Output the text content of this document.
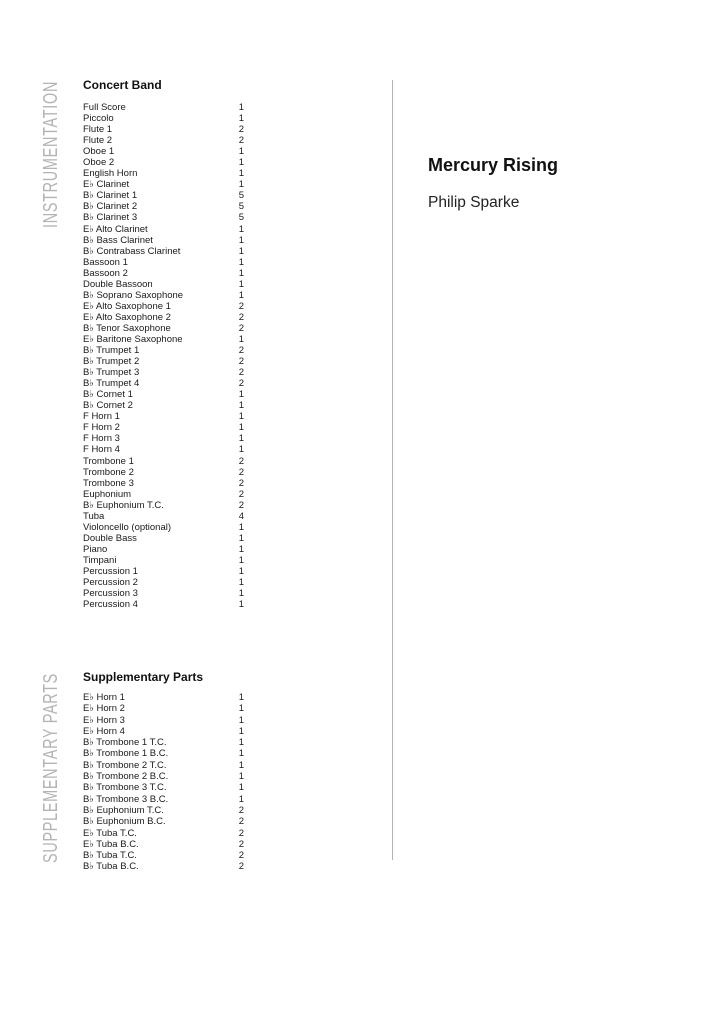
INSTRUMENTATION
SUPPLEMENTARY PARTS
Concert Band
Full Score	1
Piccolo	1
Flute 1	2
Flute 2	2
Oboe 1	1
Oboe 2	1
English Horn	1
E♭ Clarinet	1
B♭ Clarinet 1	5
B♭ Clarinet 2	5
B♭ Clarinet 3	5
E♭ Alto Clarinet	1
B♭ Bass Clarinet	1
B♭ Contrabass Clarinet	1
Bassoon 1	1
Bassoon 2	1
Double Bassoon	1
B♭ Soprano Saxophone	1
E♭ Alto Saxophone 1	2
E♭ Alto Saxophone 2	2
B♭ Tenor Saxophone	2
E♭ Baritone Saxophone	1
B♭ Trumpet 1	2
B♭ Trumpet 2	2
B♭ Trumpet 3	2
B♭ Trumpet 4	2
B♭ Cornet 1	1
B♭ Cornet 2	1
F Horn 1	1
F Horn 2	1
F Horn 3	1
F Horn 4	1
Trombone 1	2
Trombone 2	2
Trombone 3	2
Euphonium	2
B♭ Euphonium T.C.	2
Tuba	4
Violoncello (optional)	1
Double Bass	1
Piano	1
Timpani	1
Percussion 1	1
Percussion 2	1
Percussion 3	1
Percussion 4	1
Supplementary Parts
E♭ Horn 1	1
E♭ Horn 2	1
E♭ Horn 3	1
E♭ Horn 4	1
B♭ Trombone 1 T.C.	1
B♭ Trombone 1 B.C.	1
B♭ Trombone 2 T.C.	1
B♭ Trombone 2 B.C.	1
B♭ Trombone 3 T.C.	1
B♭ Trombone 3 B.C.	1
B♭ Euphonium T.C.	2
B♭ Euphonium B.C.	2
E♭ Tuba T.C.	2
E♭ Tuba B.C.	2
B♭ Tuba T.C.	2
B♭ Tuba B.C.	2
Mercury Rising
Philip Sparke
